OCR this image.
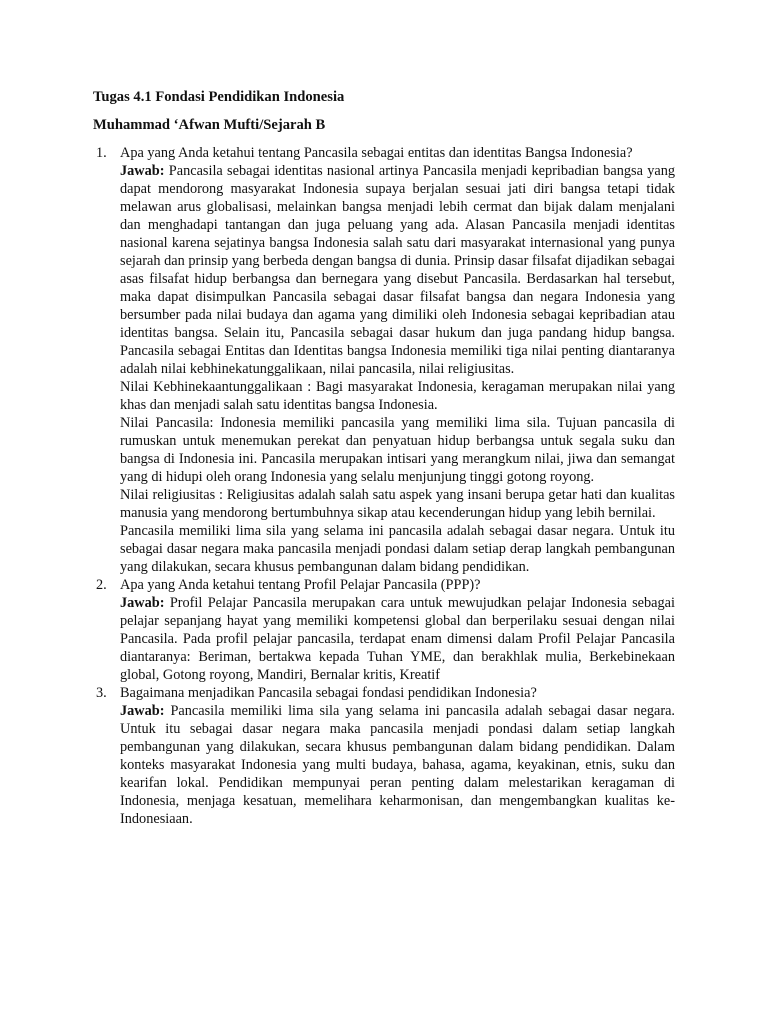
Tugas 4.1 Fondasi Pendidikan Indonesia
Muhammad ‘Afwan Mufti/Sejarah B
1. Apa yang Anda ketahui tentang Pancasila sebagai entitas dan identitas Bangsa Indonesia?
Jawab: Pancasila sebagai identitas nasional artinya Pancasila menjadi kepribadian bangsa yang dapat mendorong masyarakat Indonesia supaya berjalan sesuai jati diri bangsa tetapi tidak melawan arus globalisasi, melainkan bangsa menjadi lebih cermat dan bijak dalam menjalani dan menghadapi tantangan dan juga peluang yang ada. Alasan Pancasila menjadi identitas nasional karena sejatinya bangsa Indonesia salah satu dari masyarakat internasional yang punya sejarah dan prinsip yang berbeda dengan bangsa di dunia. Prinsip dasar filsafat dijadikan sebagai asas filsafat hidup berbangsa dan bernegara yang disebut Pancasila. Berdasarkan hal tersebut, maka dapat disimpulkan Pancasila sebagai dasar filsafat bangsa dan negara Indonesia yang bersumber pada nilai budaya dan agama yang dimiliki oleh Indonesia sebagai kepribadian atau identitas bangsa. Selain itu, Pancasila sebagai dasar hukum dan juga pandang hidup bangsa. Pancasila sebagai Entitas dan Identitas bangsa Indonesia memiliki tiga nilai penting diantaranya adalah nilai kebhinekatunggalikaan, nilai pancasila, nilai religiusitas.
Nilai Kebhinekaantunggalikaan : Bagi masyarakat Indonesia, keragaman merupakan nilai yang khas dan menjadi salah satu identitas bangsa Indonesia.
Nilai Pancasila: Indonesia memiliki pancasila yang memiliki lima sila. Tujuan pancasila di rumuskan untuk menemukan perekat dan penyatuan hidup berbangsa untuk segala suku dan bangsa di Indonesia ini. Pancasila merupakan intisari yang merangkum nilai, jiwa dan semangat yang di hidupi oleh orang Indonesia yang selalu menjunjung tinggi gotong royong.
Nilai religiusitas : Religiusitas adalah salah satu aspek yang insani berupa getar hati dan kualitas manusia yang mendorong bertumbuhnya sikap atau kecenderungan hidup yang lebih bernilai.
Pancasila memiliki lima sila yang selama ini pancasila adalah sebagai dasar negara. Untuk itu sebagai dasar negara maka pancasila menjadi pondasi dalam setiap derap langkah pembangunan yang dilakukan, secara khusus pembangunan dalam bidang pendidikan.
2. Apa yang Anda ketahui tentang Profil Pelajar Pancasila (PPP)?
Jawab: Profil Pelajar Pancasila merupakan cara untuk mewujudkan pelajar Indonesia sebagai pelajar sepanjang hayat yang memiliki kompetensi global dan berperilaku sesuai dengan nilai Pancasila. Pada profil pelajar pancasila, terdapat enam dimensi dalam Profil Pelajar Pancasila diantaranya: Beriman, bertakwa kepada Tuhan YME, dan berakhlak mulia, Berkebinekaan global, Gotong royong, Mandiri, Bernalar kritis, Kreatif
3. Bagaimana menjadikan Pancasila sebagai fondasi pendidikan Indonesia?
Jawab: Pancasila memiliki lima sila yang selama ini pancasila adalah sebagai dasar negara. Untuk itu sebagai dasar negara maka pancasila menjadi pondasi dalam setiap langkah pembangunan yang dilakukan, secara khusus pembangunan dalam bidang pendidikan. Dalam konteks masyarakat Indonesia yang multi budaya, bahasa, agama, keyakinan, etnis, suku dan kearifan lokal. Pendidikan mempunyai peran penting dalam melestarikan keragaman di Indonesia, menjaga kesatuan, memelihara keharmonisan, dan mengembangkan kualitas ke- Indonesiaan.
